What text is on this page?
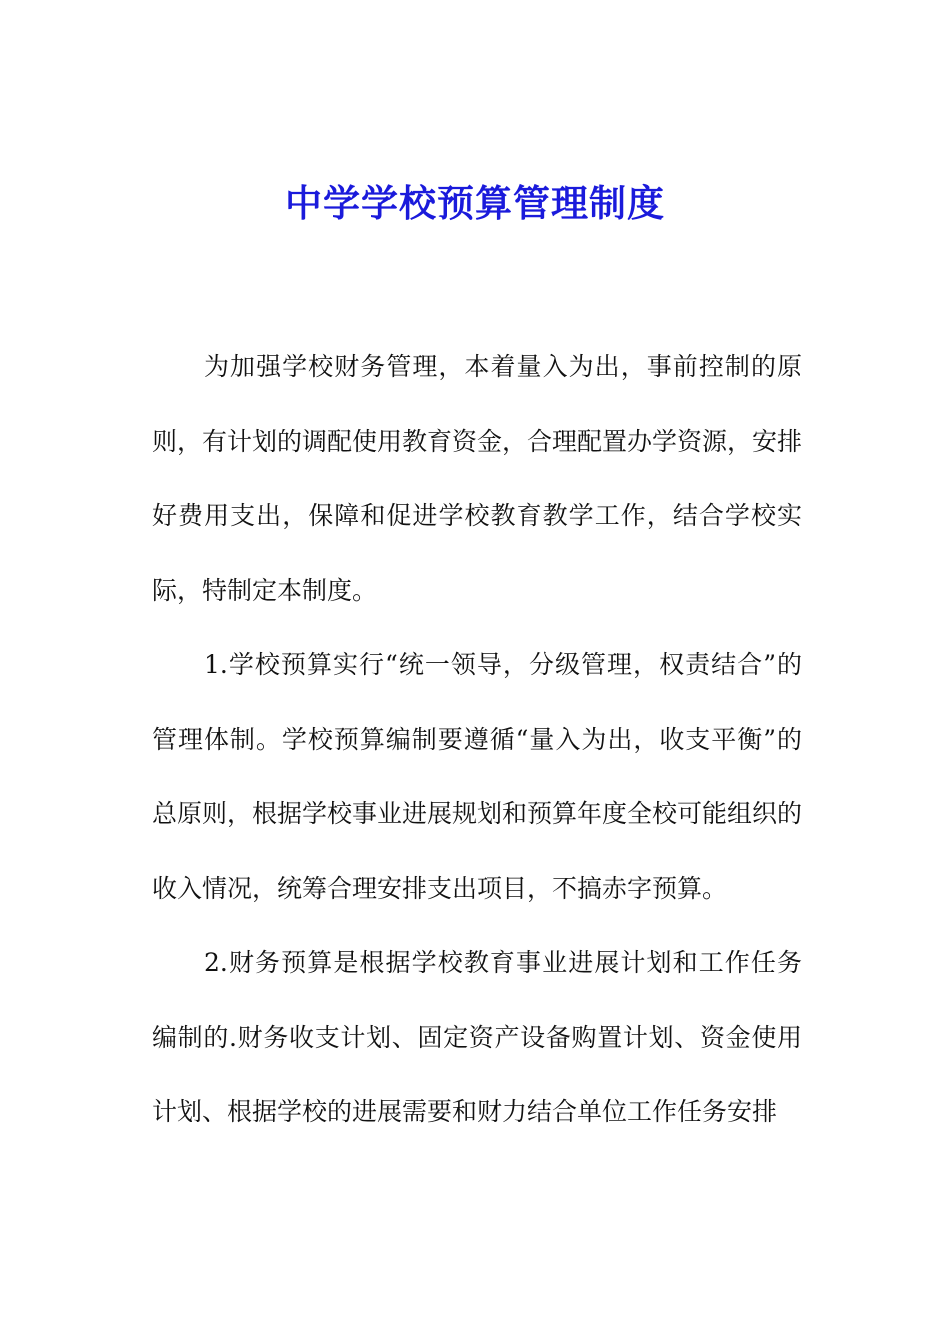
中学学校预算管理制度

为加强学校财务管理，本着量入为出，事前控制的原则，有计划的调配使用教育资金，合理配置办学资源，安排好费用支出，保障和促进学校教育教学工作，结合学校实际，特制定本制度。

1.学校预算实行“统一领导，分级管理，权责结合”的管理体制。学校预算编制要遵循“量入为出，收支平衡”的总原则，根据学校事业进展规划和预算年度全校可能组织的收入情况，统筹合理安排支出项目，不搞赤字预算。

2.财务预算是根据学校教育事业进展计划和工作任务编制的.财务收支计划、固定资产设备购置计划、资金使用计划、根据学校的进展需要和财力结合单位工作任务安排
